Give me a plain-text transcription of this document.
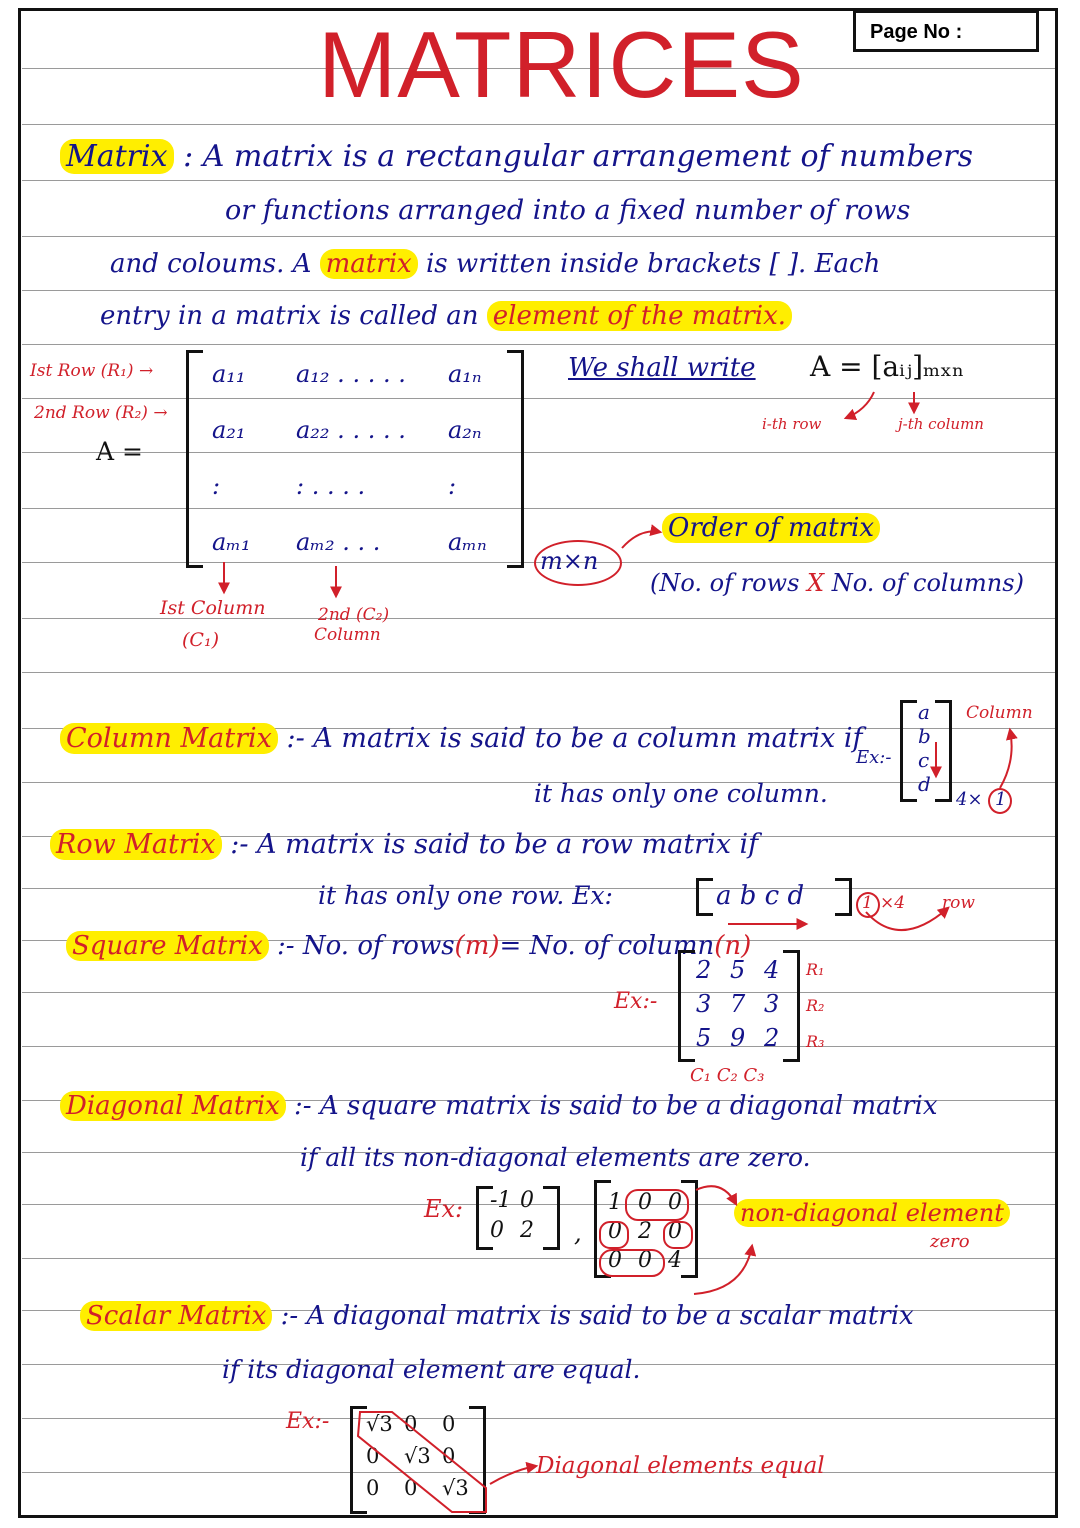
Page No :
MATRICES
Matrix : A matrix is a rectangular arrangement of numbers
or functions arranged into a fixed number of rows
and coloums. A matrix is written inside brackets [ ]. Each
entry in a matrix is called an element of the matrix.
Ist Row (R₁) →
2nd Row (R₂) →
A =
a₁₁ a₁₂ . . . . . a₁ₙ
a₂₁ a₂₂ . . . . . a₂ₙ
:	: . . . .	:
aₘ₁ aₘ₂ . . .	aₘₙ
Ist Column
(C₁)
2nd (C₂)
Column
We shall write A = [aᵢⱼ]ₘₓₙ
i-th row	j-th column
m×n
Order of matrix
(No. of rows X No. of columns)
Column Matrix :- A matrix is said to be a column matrix if
it has only one column.
Ex:-
a
b
c
d
Column
4× 1
Row Matrix :- A matrix is said to be a row matrix if
it has only one row. Ex:	a b c d	1 ×4 row
Square Matrix :- No. of rows(m)= No. of column(n)
Ex:-
2 5 4
3 7 3
5 9 2
R₁
R₂
R₃
C₁ C₂ C₃
Diagonal Matrix :- A square matrix is said to be a diagonal matrix
if all its non-diagonal elements are zero.
Ex: -1 0
0 2 ,
1 0 0
0 2 0
0 0 4
non-diagonal element
zero
Scalar Matrix :- A diagonal matrix is said to be a scalar matrix
if its diagonal element are equal.
Ex:- √3 0 0
0 √3 0
0 0 √3
Diagonal elements equal
